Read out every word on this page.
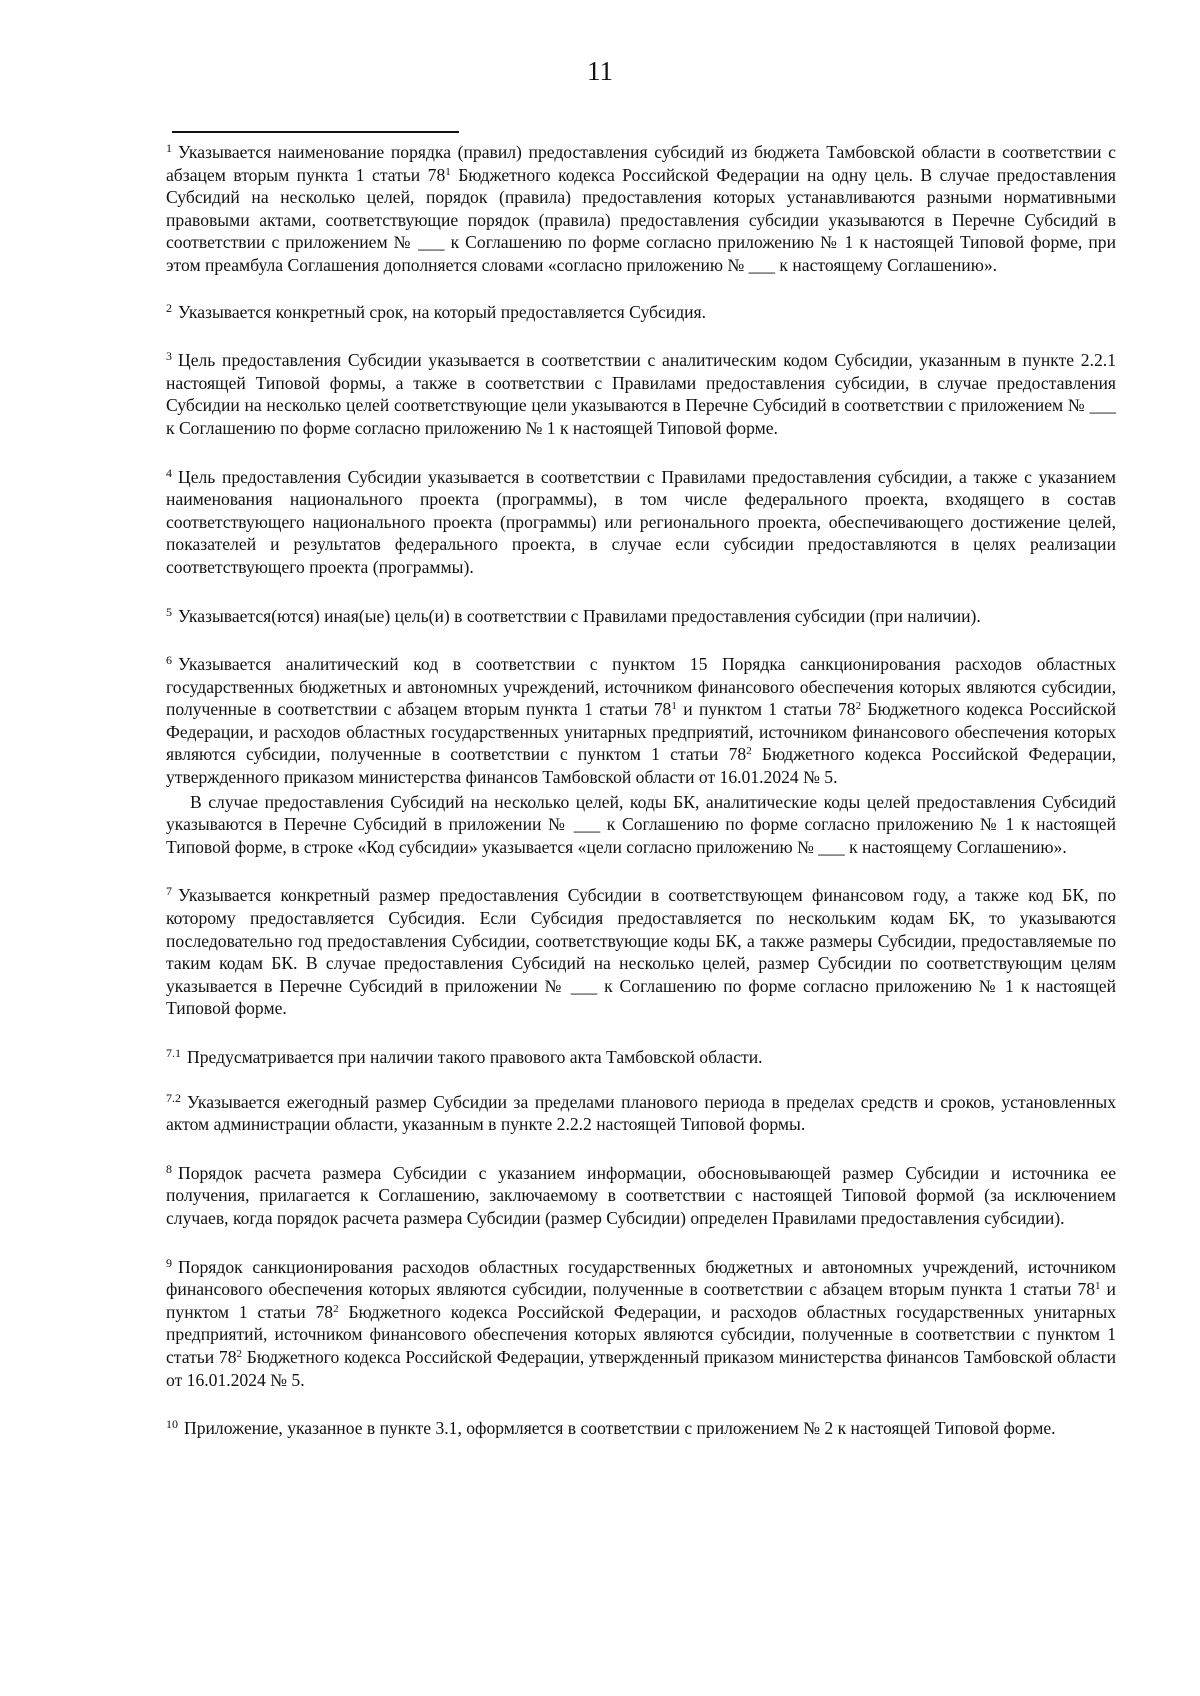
11

$^1$ Указывается наименование порядка (правил) предоставления субсидий из бюджета Тамбовской области в соответствии с абзацем вторым пункта 1 статьи $78^1$ Бюджетного кодекса Российской Федерации на одну цель. В случае предоставления Субсидий на несколько целей, порядок (правила) предоставления которых устанавливаются разными нормативными правовыми актами, соответствующие порядок (правила) предоставления субсидии указываются в Перечне Субсидий в соответствии с приложением № ___ к Соглашению по форме согласно приложению № 1 к настоящей Типовой форме, при этом преамбула Соглашения дополняется словами «согласно приложению № ___ к настоящему Соглашению».

$^2$ Указывается конкретный срок, на который предоставляется Субсидия.

$^3$ Цель предоставления Субсидии указывается в соответствии с аналитическим кодом Субсидии, указанным в пункте 2.2.1 настоящей Типовой формы, а также в соответствии с Правилами предоставления субсидии, в случае предоставления Субсидии на несколько целей соответствующие цели указываются в Перечне Субсидий в соответствии с приложением № ___ к Соглашению по форме согласно приложению № 1 к настоящей Типовой форме.

$^4$ Цель предоставления Субсидии указывается в соответствии с Правилами предоставления субсидии, а также с указанием наименования национального проекта (программы), в том числе федерального проекта, входящего в состав соответствующего национального проекта (программы) или регионального проекта, обеспечивающего достижение целей, показателей и результатов федерального проекта, в случае если субсидии предоставляются в целях реализации соответствующего проекта (программы).

$^5$ Указывается(ются) иная(ые) цель(и) в соответствии с Правилами предоставления субсидии (при наличии).

$^6$ Указывается аналитический код в соответствии с пунктом 15 Порядка санкционирования расходов областных государственных бюджетных и автономных учреждений, источником финансового обеспечения которых являются субсидии, полученные в соответствии с абзацем вторым пункта 1 статьи $78^1$ и пунктом 1 статьи $78^2$ Бюджетного кодекса Российской Федерации, и расходов областных государственных унитарных предприятий, источником финансового обеспечения которых являются субсидии, полученные в соответствии с пунктом 1 статьи $78^2$ Бюджетного кодекса Российской Федерации, утвержденного приказом министерства финансов Тамбовской области от 16.01.2024 № 5.

В случае предоставления Субсидий на несколько целей, коды БК, аналитические коды целей предоставления Субсидий указываются в Перечне Субсидий в приложении № ___ к Соглашению по форме согласно приложению № 1 к настоящей Типовой форме, в строке «Код субсидии» указывается «цели согласно приложению № ___ к настоящему Соглашению».

$^7$ Указывается конкретный размер предоставления Субсидии в соответствующем финансовом году, а также код БК, по которому предоставляется Субсидия. Если Субсидия предоставляется по нескольким кодам БК, то указываются последовательно год предоставления Субсидии, соответствующие коды БК, а также размеры Субсидии, предоставляемые по таким кодам БК. В случае предоставления Субсидий на несколько целей, размер Субсидии по соответствующим целям указывается в Перечне Субсидий в приложении № ___ к Соглашению по форме согласно приложению № 1 к настоящей Типовой форме.

$^{7.1}$ Предусматривается при наличии такого правового акта Тамбовской области.

$^{7.2}$ Указывается ежегодный размер Субсидии за пределами планового периода в пределах средств и сроков, установленных актом администрации области, указанным в пункте 2.2.2 настоящей Типовой формы.

$^8$ Порядок расчета размера Субсидии с указанием информации, обосновывающей размер Субсидии и источника ее получения, прилагается к Соглашению, заключаемому в соответствии с настоящей Типовой формой (за исключением случаев, когда порядок расчета размера Субсидии (размер Субсидии) определен Правилами предоставления субсидии).

$^9$ Порядок санкционирования расходов областных государственных бюджетных и автономных учреждений, источником финансового обеспечения которых являются субсидии, полученные в соответствии с абзацем вторым пункта 1 статьи $78^1$ и пунктом 1 статьи $78^2$ Бюджетного кодекса Российской Федерации, и расходов областных государственных унитарных предприятий, источником финансового обеспечения которых являются субсидии, полученные в соответствии с пунктом 1 статьи $78^2$ Бюджетного кодекса Российской Федерации, утвержденный приказом министерства финансов Тамбовской области от 16.01.2024 № 5.

$^{10}$ Приложение, указанное в пункте 3.1, оформляется в соответствии с приложением № 2 к настоящей Типовой форме.
